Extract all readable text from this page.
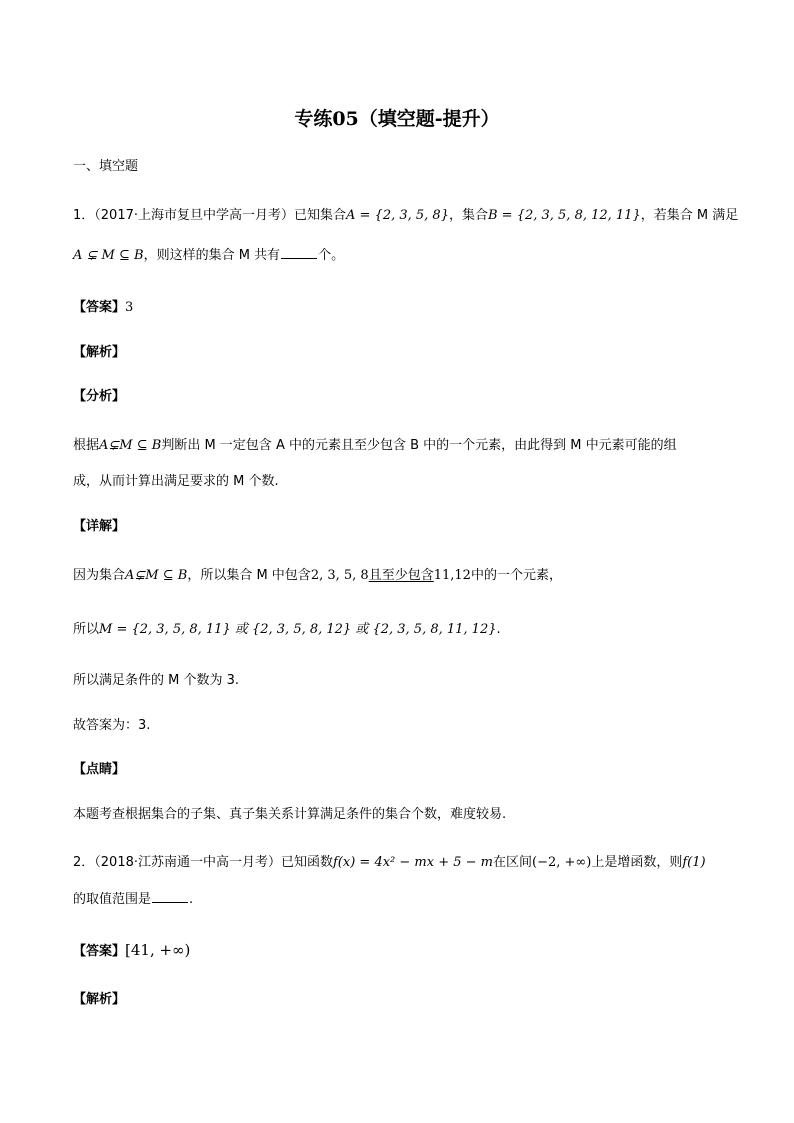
专练05（填空题-提升）
一、填空题
1．（2017·上海市复旦中学高一月考）已知集合A = {2, 3, 5, 8}，集合B = {2, 3, 5, 8, 12, 11}，若集合 M 满足
A ⊊ M ⊆ B，则这样的集合 M 共有	个。
【答案】3
【解析】
【分析】
根据A⊊M ⊆ B判断出 M 一定包含 A 中的元素且至少包含 B 中的一个元素，由此得到 M 中元素可能的组
成，从而计算出满足要求的 M 个数.
【详解】
因为集合A⊊M ⊆ B，所以集合 M 中包含2, 3, 5, 8且至少包含11,12中的一个元素，
所以M = {2, 3, 5, 8, 11} 或 {2, 3, 5, 8, 12} 或 {2, 3, 5, 8, 11, 12}.
所以满足条件的 M 个数为 3.
故答案为：3.
【点睛】
本题考查根据集合的子集、真子集关系计算满足条件的集合个数，难度较易.
2．（2018·江苏南通一中高一月考）已知函数f(x) = 4x² − mx + 5 − m在区间(−2, +∞)上是增函数，则f(1)
的取值范围是	.
【答案】[41, +∞)
【解析】
